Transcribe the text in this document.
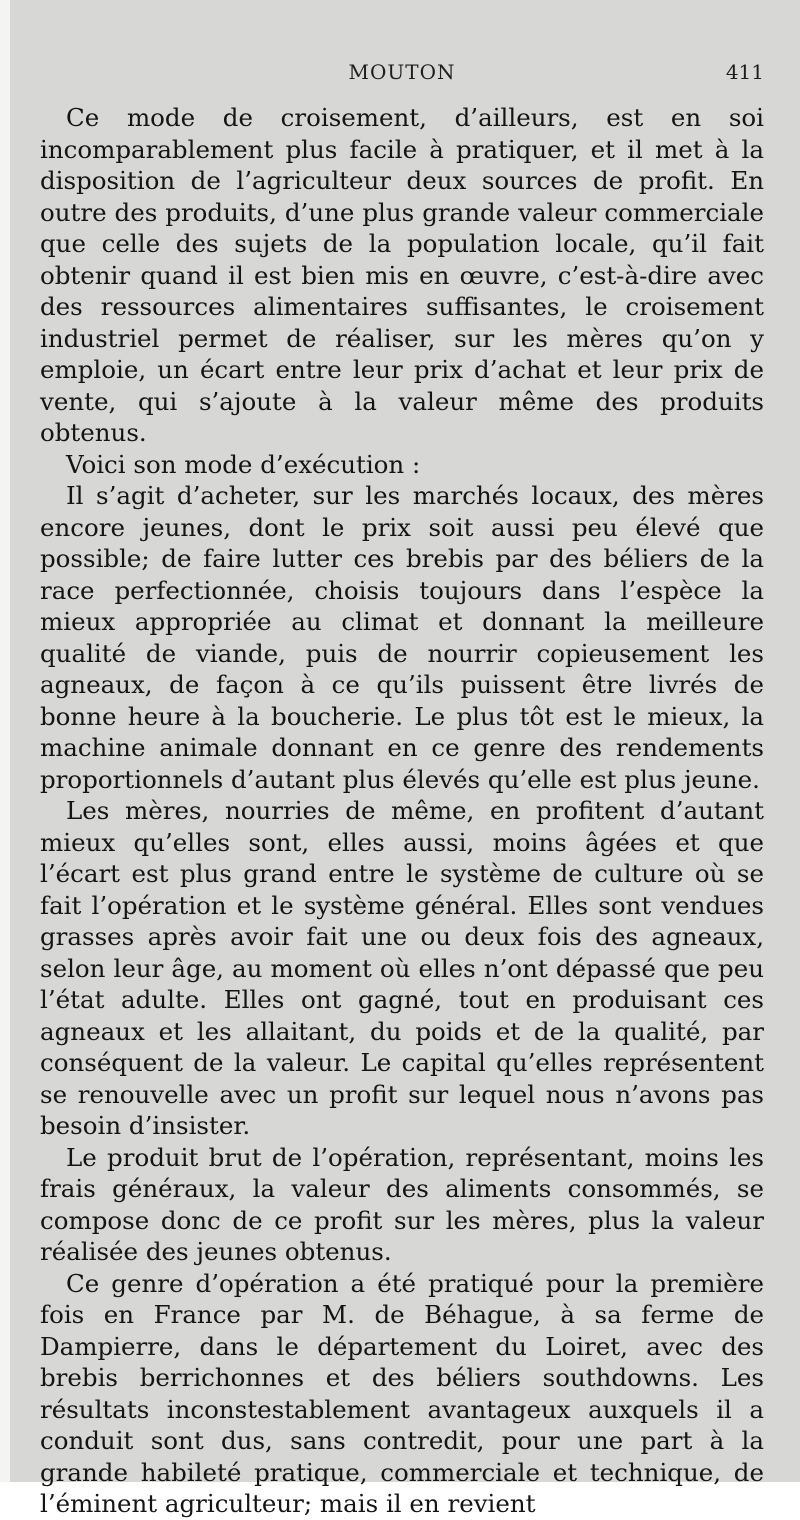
MOUTON	411

Ce mode de croisement, d’ailleurs, est en soi incomparablement plus facile à pratiquer, et il met à la disposition de l’agriculteur deux sources de profit. En outre des produits, d’une plus grande valeur commerciale que celle des sujets de la population locale, qu’il fait obtenir quand il est bien mis en œuvre, c’est-à-dire avec des ressources alimentaires suffisantes, le croisement industriel permet de réaliser, sur les mères qu’on y emploie, un écart entre leur prix d’achat et leur prix de vente, qui s’ajoute à la valeur même des produits obtenus.

Voici son mode d’exécution :

Il s’agit d’acheter, sur les marchés locaux, des mères encore jeunes, dont le prix soit aussi peu élevé que possible; de faire lutter ces brebis par des béliers de la race perfectionnée, choisis toujours dans l’espèce la mieux appropriée au climat et donnant la meilleure qualité de viande, puis de nourrir copieusement les agneaux, de façon à ce qu’ils puissent être livrés de bonne heure à la boucherie. Le plus tôt est le mieux, la machine animale donnant en ce genre des rendements proportionnels d’autant plus élevés qu’elle est plus jeune.

Les mères, nourries de même, en profitent d’autant mieux qu’elles sont, elles aussi, moins âgées et que l’écart est plus grand entre le système de culture où se fait l’opération et le système général. Elles sont vendues grasses après avoir fait une ou deux fois des agneaux, selon leur âge, au moment où elles n’ont dépassé que peu l’état adulte. Elles ont gagné, tout en produisant ces agneaux et les allaitant, du poids et de la qualité, par conséquent de la valeur. Le capital qu’elles représentent se renouvelle avec un profit sur lequel nous n’avons pas besoin d’insister.

Le produit brut de l’opération, représentant, moins les frais généraux, la valeur des aliments consommés, se compose donc de ce profit sur les mères, plus la valeur réalisée des jeunes obtenus.

Ce genre d’opération a été pratiqué pour la première fois en France par M. de Béhague, à sa ferme de Dampierre, dans le département du Loiret, avec des brebis berrichonnes et des béliers southdowns. Les résultats inconstestablement avantageux auxquels il a conduit sont dus, sans contredit, pour une part à la grande habileté pratique, commerciale et technique, de l’éminent agriculteur; mais il en revient
